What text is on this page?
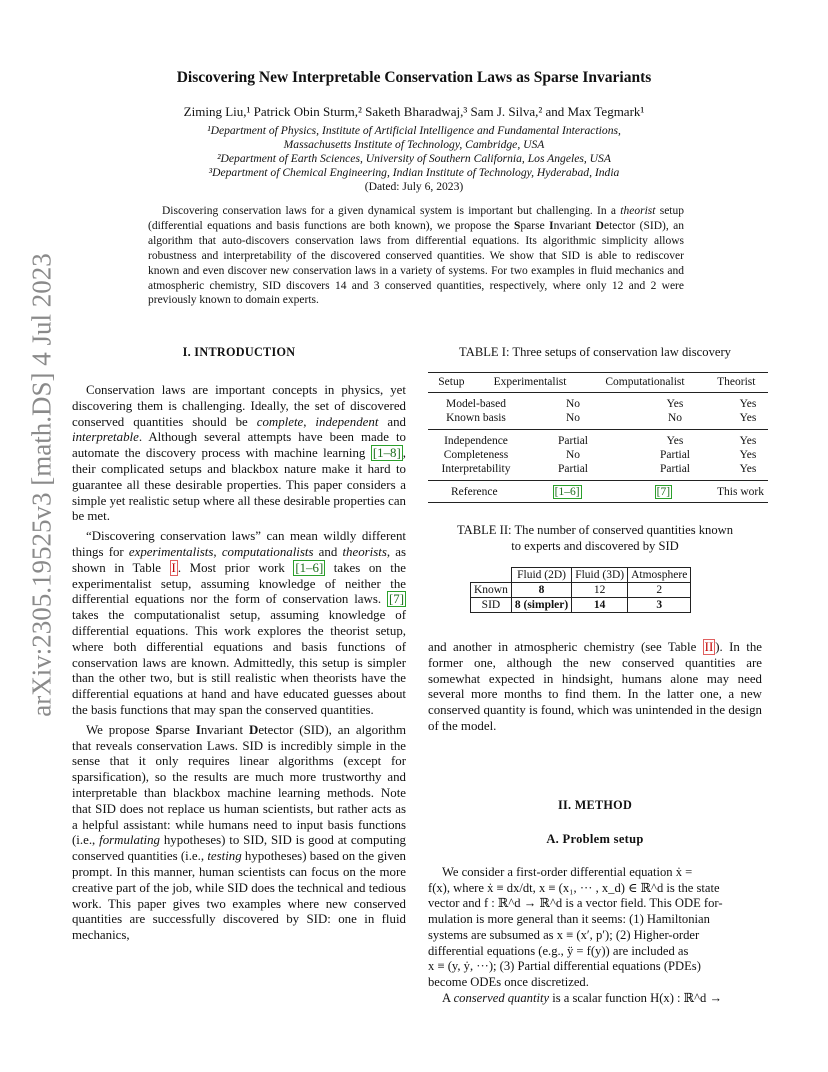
arXiv:2305.19525v3 [math.DS] 4 Jul 2023
Discovering New Interpretable Conservation Laws as Sparse Invariants
Ziming Liu,¹ Patrick Obin Sturm,² Saketh Bharadwaj,³ Sam J. Silva,² and Max Tegmark¹
¹Department of Physics, Institute of Artificial Intelligence and Fundamental Interactions,
Massachusetts Institute of Technology, Cambridge, USA
²Department of Earth Sciences, University of Southern California, Los Angeles, USA
³Department of Chemical Engineering, Indian Institute of Technology, Hyderabad, India
(Dated: July 6, 2023)

Discovering conservation laws for a given dynamical system is important but challenging. In a theorist setup (differential equations and basis functions are both known), we propose the Sparse Invariant Detector (SID), an algorithm that auto-discovers conservation laws from differential equations. Its algorithmic simplicity allows robustness and interpretability of the discovered conserved quantities. We show that SID is able to rediscover known and even discover new conservation laws in a variety of systems. For two examples in fluid mechanics and atmospheric chemistry, SID discovers 14 and 3 conserved quantities, respectively, where only 12 and 2 were previously known to domain experts.

I. INTRODUCTION

Conservation laws are important concepts in physics, yet discovering them is challenging. Ideally, the set of discovered conserved quantities should be complete, independent and interpretable. Although several attempts have been made to automate the discovery process with machine learning [1–8] , their complicated setups and blackbox nature make it hard to guarantee all these desirable properties. This paper considers a simple yet realistic setup where all these desirable properties can be met.

“Discovering conservation laws” can mean wildly different things for experimentalists, computationalists and theorists, as shown in Table I . Most prior work [1–6] takes on the experimentalist setup, assuming knowledge of neither the differential equations nor the form of conservation laws. [7] takes the computationalist setup, assuming knowledge of differential equations. This work explores the theorist setup, where both differential equations and basis functions of conservation laws are known. Admittedly, this setup is simpler than the other two, but is still realistic when theorists have the differential equations at hand and have educated guesses about the basis functions that may span the conserved quantities.

We propose Sparse Invariant Detector (SID), an algorithm that reveals conservation Laws. SID is incredibly simple in the sense that it only requires linear algorithms (except for sparsification), so the results are much more trustworthy and interpretable than blackbox machine learning methods. Note that SID does not replace us human scientists, but rather acts as a helpful assistant: while humans need to input basis functions (i.e., formulating hypotheses) to SID, SID is good at computing conserved quantities (i.e., testing hypotheses) based on the given prompt. In this manner, human scientists can focus on the more creative part of the job, while SID does the technical and tedious work. This paper gives two examples where new conserved quantities are successfully discovered by SID: one in fluid mechanics,

TABLE I: Three setups of conservation law discovery
Setup	Experimentalist	Computationalist	Theorist
Model-based	No	Yes	Yes
Known basis	No	No	Yes
Independence	Partial	Yes	Yes
Completeness	No	Partial	Yes
Interpretability	Partial	Partial	Yes
Reference	[1–6]	[7]	This work
TABLE II: The number of conserved quantities known
to experts and discovered by SID
	Fluid (2D)	Fluid (3D)	Atmosphere
Known	8	12	2
SID	8 (simpler)	14	3
and another in atmospheric chemistry (see Table II ). In the former one, although the new conserved quantities are somewhat expected in hindsight, humans alone may need several more months to find them. In the latter one, a new conserved quantity is found, which was unintended in the design of the model.
II. METHOD
A. Problem setup
We consider a first-order differential equation ẋ =
f(x), where ẋ ≡ dx/dt, x ≡ (x₁, ··· , x_d) ∈ ℝ^d is the state
vector and f : ℝ^d → ℝ^d is a vector field. This ODE for-
mulation is more general than it seems: (1) Hamiltonian
systems are subsumed as x ≡ (x′, p′); (2) Higher-order
differential equations (e.g., ÿ = f(y)) are included as
x ≡ (y, ẏ, ···); (3) Partial differential equations (PDEs)
become ODEs once discretized.
A conserved quantity is a scalar function H(x) : ℝ^d →
